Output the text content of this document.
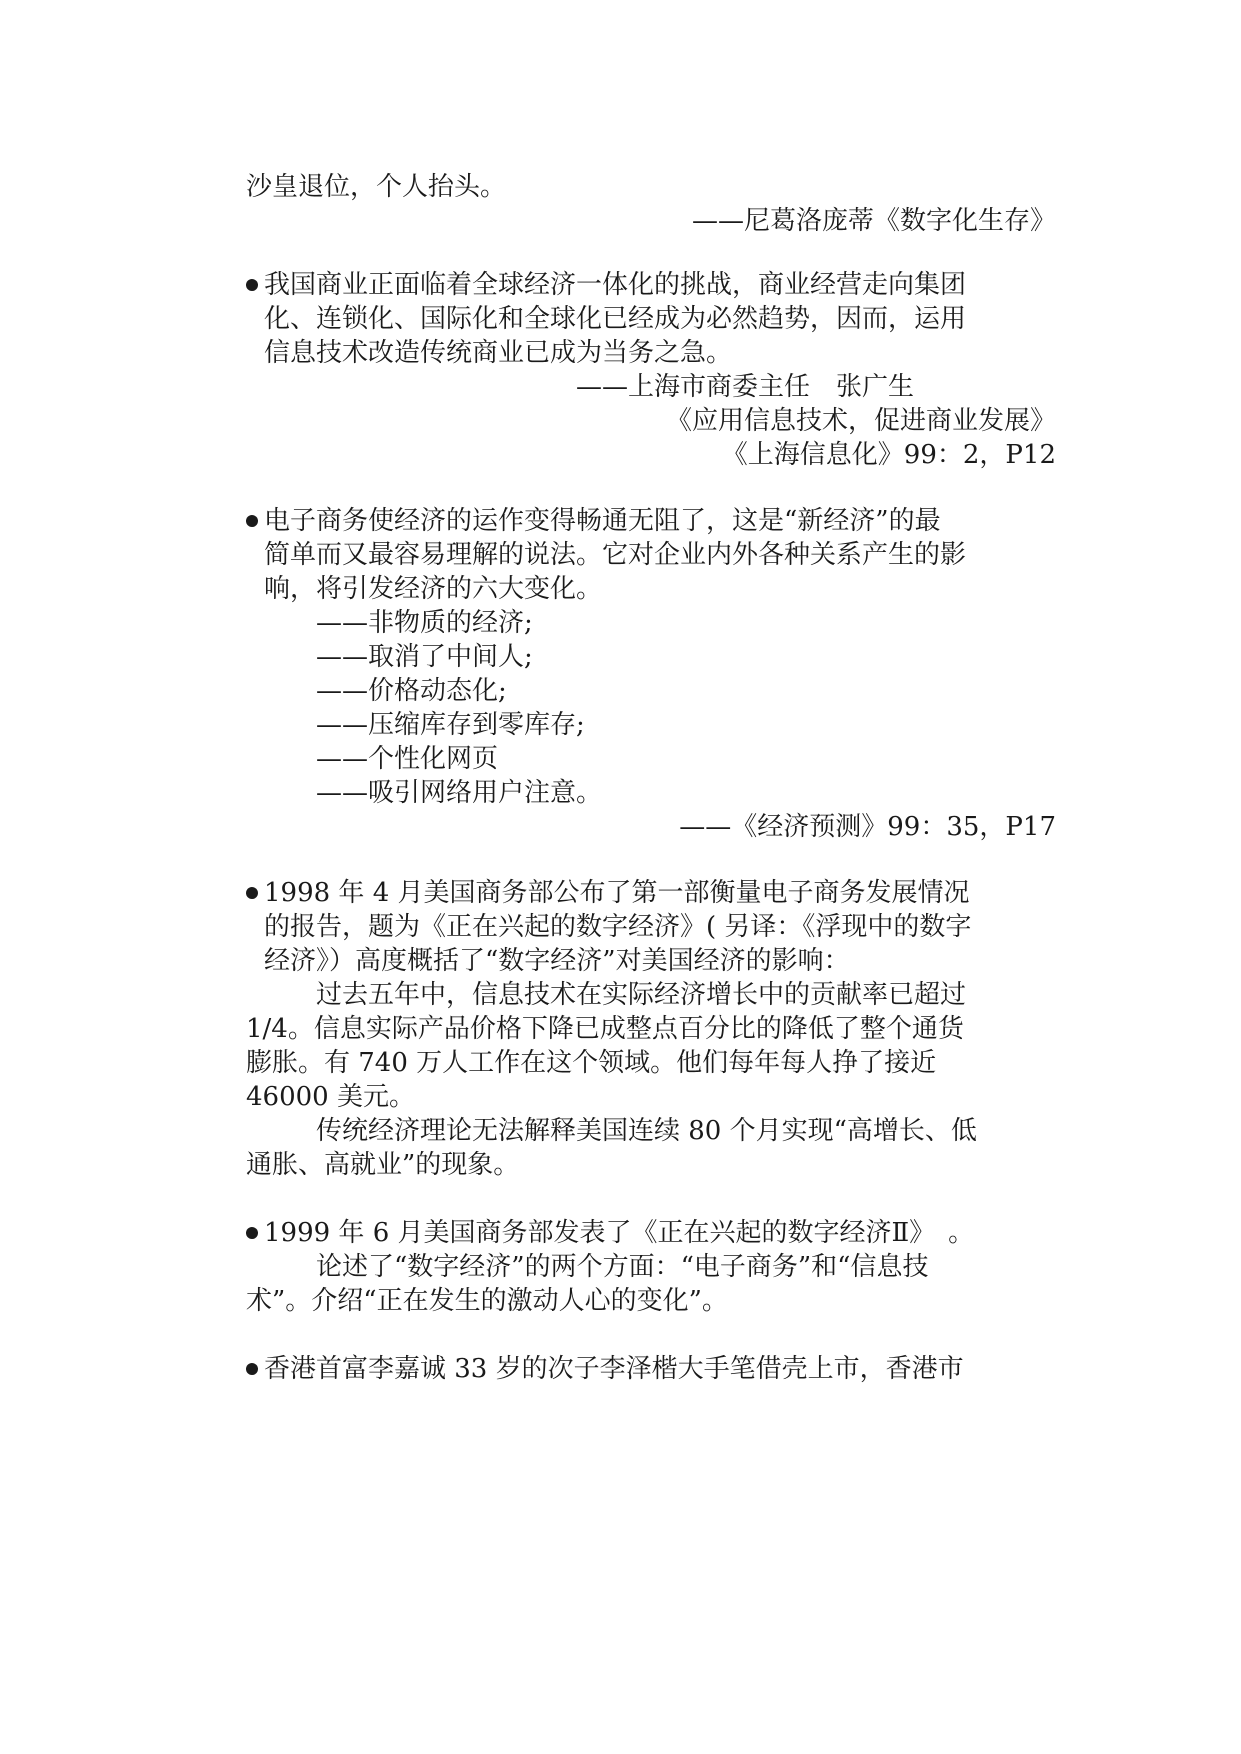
沙皇退位，个人抬头。
——尼葛洛庞蒂《数字化生存》
我国商业正面临着全球经济一体化的挑战，商业经营走向集团
化、连锁化、国际化和全球化已经成为必然趋势，因而，运用
信息技术改造传统商业已成为当务之急。
——上海市商委主任　张广生
《应用信息技术，促进商业发展》
《上海信息化》99：2，P12
电子商务使经济的运作变得畅通无阻了，这是“新经济”的最
简单而又最容易理解的说法。它对企业内外各种关系产生的影
响，将引发经济的六大变化。
——非物质的经济;
——取消了中间人;
——价格动态化;
——压缩库存到零库存;
——个性化网页
——吸引网络用户注意。
——《经济预测》99：35，P17
1998 年 4 月美国商务部公布了第一部衡量电子商务发展情况
的报告，题为《正在兴起的数字经济》( 另译：《浮现中的数字
经济》）高度概括了“数字经济”对美国经济的影响：
过去五年中，信息技术在实际经济增长中的贡献率已超过
1/4。信息实际产品价格下降已成整点百分比的降低了整个通货
膨胀。有 740 万人工作在这个领域。他们每年每人挣了接近
46000 美元。
传统经济理论无法解释美国连续 80 个月实现“高增长、低
通胀、高就业”的现象。
1999 年 6 月美国商务部发表了《正在兴起的数字经济Ⅱ》　。
论述了“数字经济”的两个方面：“电子商务”和“信息技
术”。介绍“正在发生的激动人心的变化”。
香港首富李嘉诚 33 岁的次子李泽楷大手笔借壳上市，香港市
